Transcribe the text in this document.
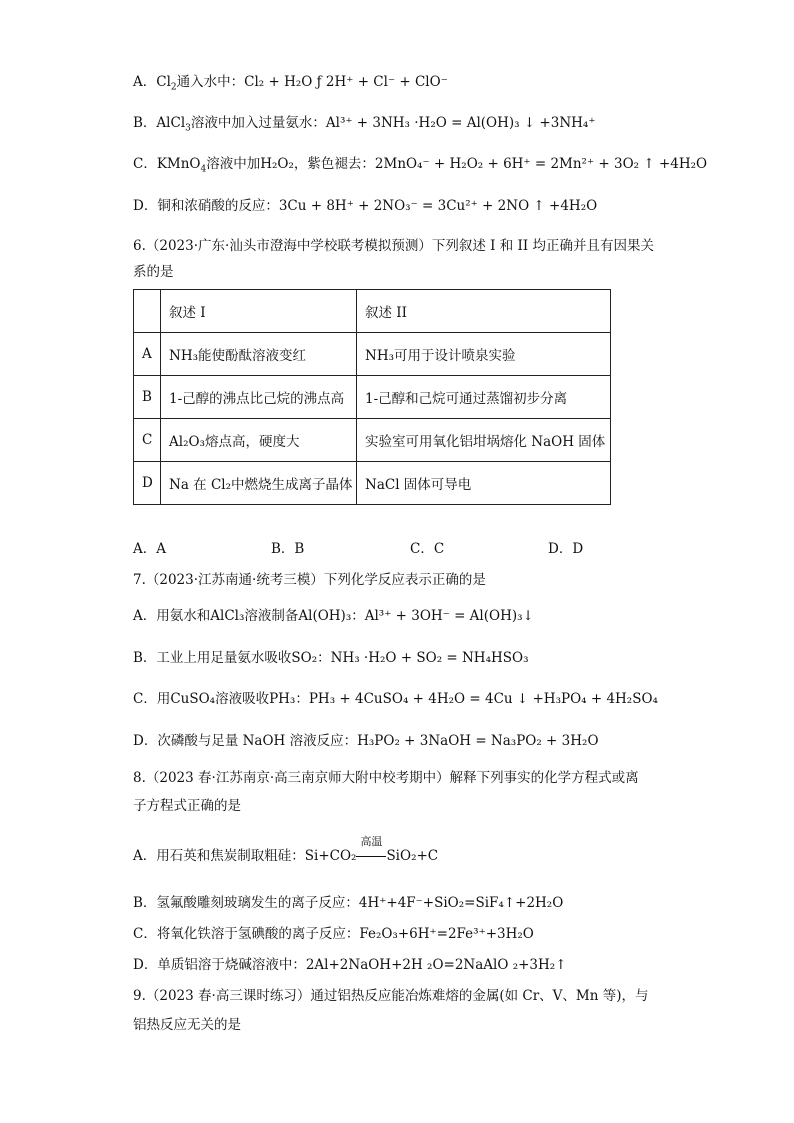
A．$Cl_2$通入水中：Cl₂ + H₂O ƒ 2H⁺ + Cl⁻ + ClO⁻
B．AlCl$_3$溶液中加入过量氨水：Al³⁺ + 3NH₃ ·H₂O = Al(OH)₃ ↓ +3NH₄⁺
C．KMnO$_4$溶液中加H₂O₂，紫色褪去：2MnO₄⁻ + H₂O₂ + 6H⁺ = 2Mn²⁺ + 3O₂ ↑ +4H₂O
D．铜和浓硝酸的反应：3Cu + 8H⁺ + 2NO₃⁻ = 3Cu²⁺ + 2NO ↑ +4H₂O
6.（2023·广东·汕头市澄海中学校联考模拟预测）下列叙述 I 和 II 均正确并且有因果关
系的是
	叙述 I	叙述 II
A	NH₃能使酚酞溶液变红	NH₃可用于设计喷泉实验
B	1-己醇的沸点比己烷的沸点高	1-己醇和己烷可通过蒸馏初步分离
C	Al₂O₃熔点高，硬度大	实验室可用氧化铝坩埚熔化 NaOH 固体
D	Na 在 Cl₂中燃烧生成离子晶体	NaCl 固体可导电
A．A	B．B	C．C	D．D
7.（2023·江苏南通·统考三模）下列化学反应表示正确的是
A．用氨水和AlCl₃溶液制备Al(OH)₃：Al³⁺ + 3OH⁻ = Al(OH)₃↓
B．工业上用足量氨水吸收SO₂：NH₃ ·H₂O + SO₂ = NH₄HSO₃
C．用CuSO₄溶液吸收PH₃：PH₃ + 4CuSO₄ + 4H₂O = 4Cu ↓ +H₃PO₄ + 4H₂SO₄
D．次磷酸与足量 NaOH 溶液反应：H₃PO₂ + 3NaOH = Na₃PO₂ + 3H₂O
8.（2023 春·江苏南京·高三南京师大附中校考期中）解释下列事实的化学方程式或离
子方程式正确的是
A．用石英和焦炭制取粗硅：Si+CO₂
高温
SiO₂+C
B．氢氟酸雕刻玻璃发生的离子反应：4H⁺+4F⁻+SiO₂=SiF₄↑+2H₂O
C．将氧化铁溶于氢碘酸的离子反应：Fe₂O₃+6H⁺=2Fe³⁺+3H₂O
D．单质铝溶于烧碱溶液中：2Al+2NaOH+2H ₂O=2NaAlO ₂+3H₂↑
9.（2023 春·高三课时练习）通过铝热反应能冶炼难熔的金属(如 Cr、V、Mn 等)，与
铝热反应无关的是
